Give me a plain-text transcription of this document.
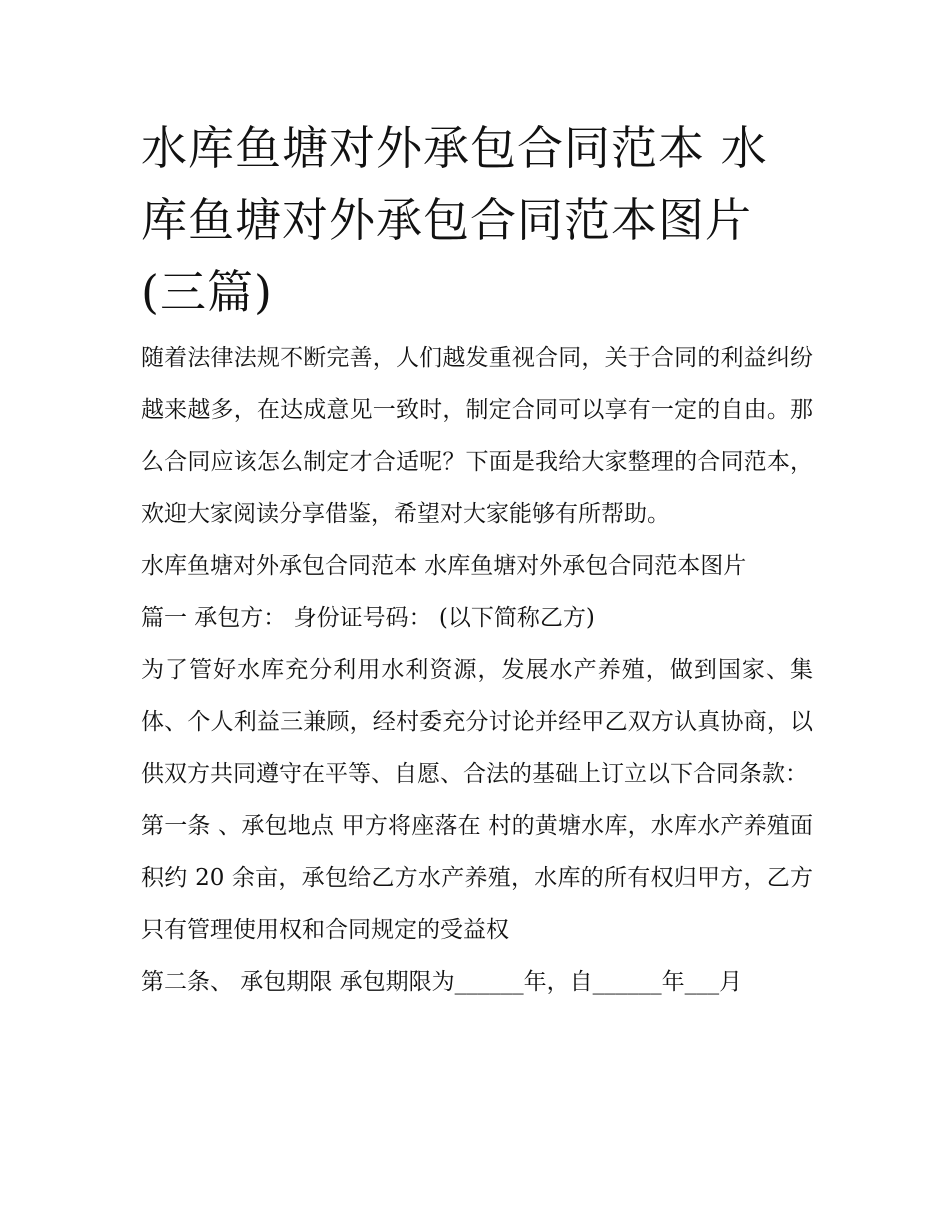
水库鱼塘对外承包合同范本 水库鱼塘对外承包合同范本图片(三篇)

随着法律法规不断完善，人们越发重视合同，关于合同的利益纠纷越来越多，在达成意见一致时，制定合同可以享有一定的自由。那么合同应该怎么制定才合适呢？下面是我给大家整理的合同范本，欢迎大家阅读分享借鉴，希望对大家能够有所帮助。

水库鱼塘对外承包合同范本 水库鱼塘对外承包合同范本图片

篇一 承包方： 身份证号码： (以下简称乙方)

为了管好水库充分利用水利资源，发展水产养殖，做到国家、集体、个人利益三兼顾，经村委充分讨论并经甲乙双方认真协商，以供双方共同遵守在平等、自愿、合法的基础上订立以下合同条款：

第一条 、承包地点 甲方将座落在 村的黄塘水库，水库水产养殖面积约 20 余亩，承包给乙方水产养殖，水库的所有权归甲方，乙方只有管理使用权和合同规定的受益权

第二条、 承包期限 承包期限为______年，自______年___月
